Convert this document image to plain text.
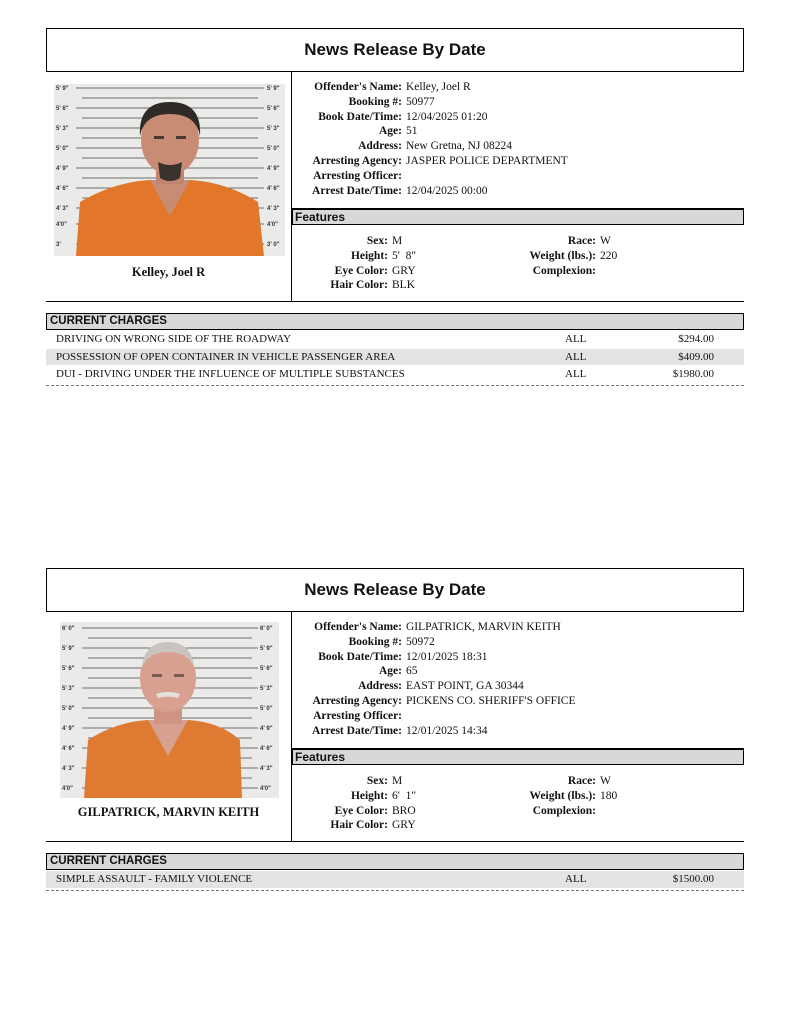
News Release By Date
5' 9"
5' 6"
5' 3"
5' 0"
4' 9"
4' 6"
4' 3"
4'0"
3'
5' 9"
5' 6"
5' 3"
5' 0"
4' 9"
4' 6"
4' 3"
4'0"
3' 0"
Kelley, Joel R
Offender's Name: Kelley, Joel R
Booking #: 50977
Book Date/Time: 12/04/2025 01:20
Age: 51
Address: New Gretna, NJ 08224
Arresting Agency: JASPER POLICE DEPARTMENT
Arresting Officer:
Arrest Date/Time: 12/04/2025 00:00
Features
Sex: M	Race: W
Height: 5'  8"	Weight (lbs.): 220
Eye Color: GRY	Complexion:
Hair Color: BLK
CURRENT CHARGES
DRIVING ON WRONG SIDE OF THE ROADWAY	ALL	$294.00
POSSESSION OF OPEN CONTAINER IN VEHICLE PASSENGER AREA	ALL	$409.00
DUI - DRIVING UNDER THE INFLUENCE OF MULTIPLE SUBSTANCES	ALL	$1980.00
News Release By Date
6' 0"
5' 9"
5' 6"
5' 3"
5' 0"
4' 9"
4' 6"
4' 3"
4'0"
6' 0"
5' 9"
5' 6"
5' 3"
5' 0"
4' 9"
4' 6"
4' 3"
4'0"
GILPATRICK, MARVIN KEITH
Offender's Name: GILPATRICK, MARVIN KEITH
Booking #: 50972
Book Date/Time: 12/01/2025 18:31
Age: 65
Address: EAST POINT, GA 30344
Arresting Agency: PICKENS CO. SHERIFF'S OFFICE
Arresting Officer:
Arrest Date/Time: 12/01/2025 14:34
Features
Sex: M	Race: W
Height: 6'  1"	Weight (lbs.): 180
Eye Color: BRO	Complexion:
Hair Color: GRY
CURRENT CHARGES
SIMPLE ASSAULT - FAMILY VIOLENCE	ALL	$1500.00
